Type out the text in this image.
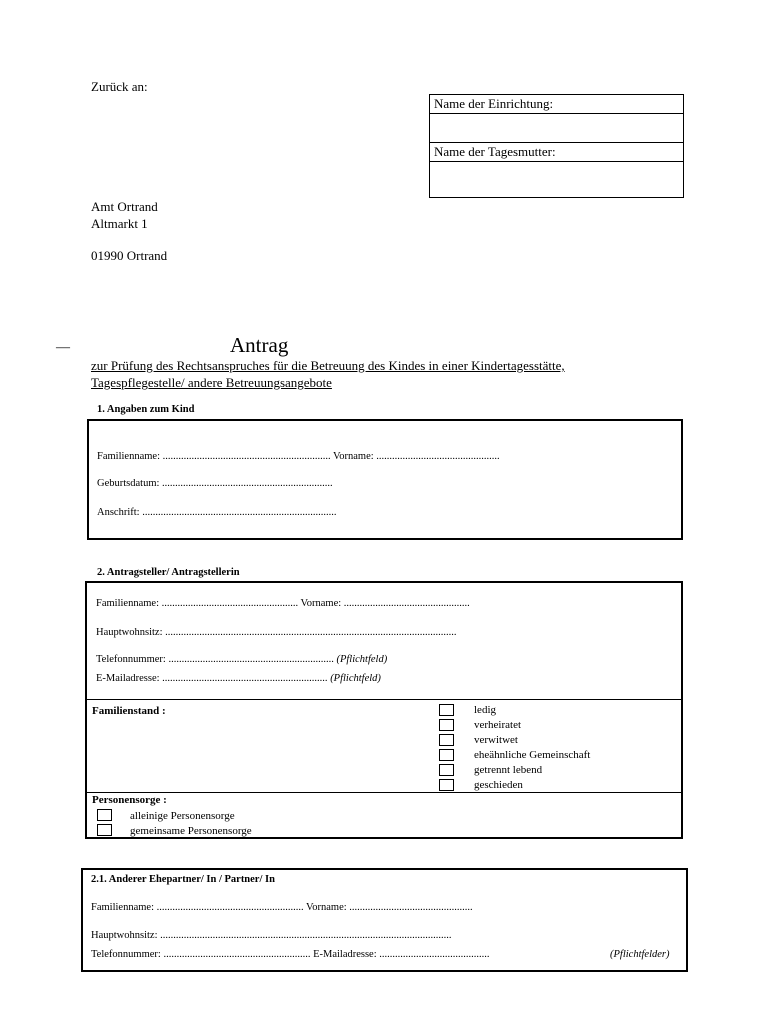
Zurück an:
Amt Ortrand
Altmarkt 1
01990 Ortrand
Name der Einrichtung:
Name der Tagesmutter:
—	Antrag
zur Prüfung des Rechtsanspruches für die Betreuung des Kindes in einer Kindertagesstätte,
Tagespflegestelle/ andere Betreuungsangebote
1. Angaben zum Kind
Familienname: ................................................................ Vorname: ...............................................
Geburtsdatum: .................................................................
Anschrift: ..........................................................................
2. Antragsteller/ Antragstellerin
Familienname: .................................................... Vorname: ................................................
Hauptwohnsitz: ...............................................................................................................
Telefonnummer: ............................................................... (Pflichtfeld)
E-Mailadresse: ............................................................... (Pflichtfeld)
Familienstand :	ledig
verheiratet
verwitwet
eheähnliche Gemeinschaft
getrennt lebend
geschieden
Personensorge :
alleinige Personensorge
gemeinsame Personensorge
2.1. Anderer Ehepartner/ In / Partner/ In
Familienname: ........................................................ Vorname: ...............................................
Hauptwohnsitz: ...............................................................................................................
Telefonnummer: ........................................................ E-Mailadresse: ..........................................	(Pflichtfelder)
